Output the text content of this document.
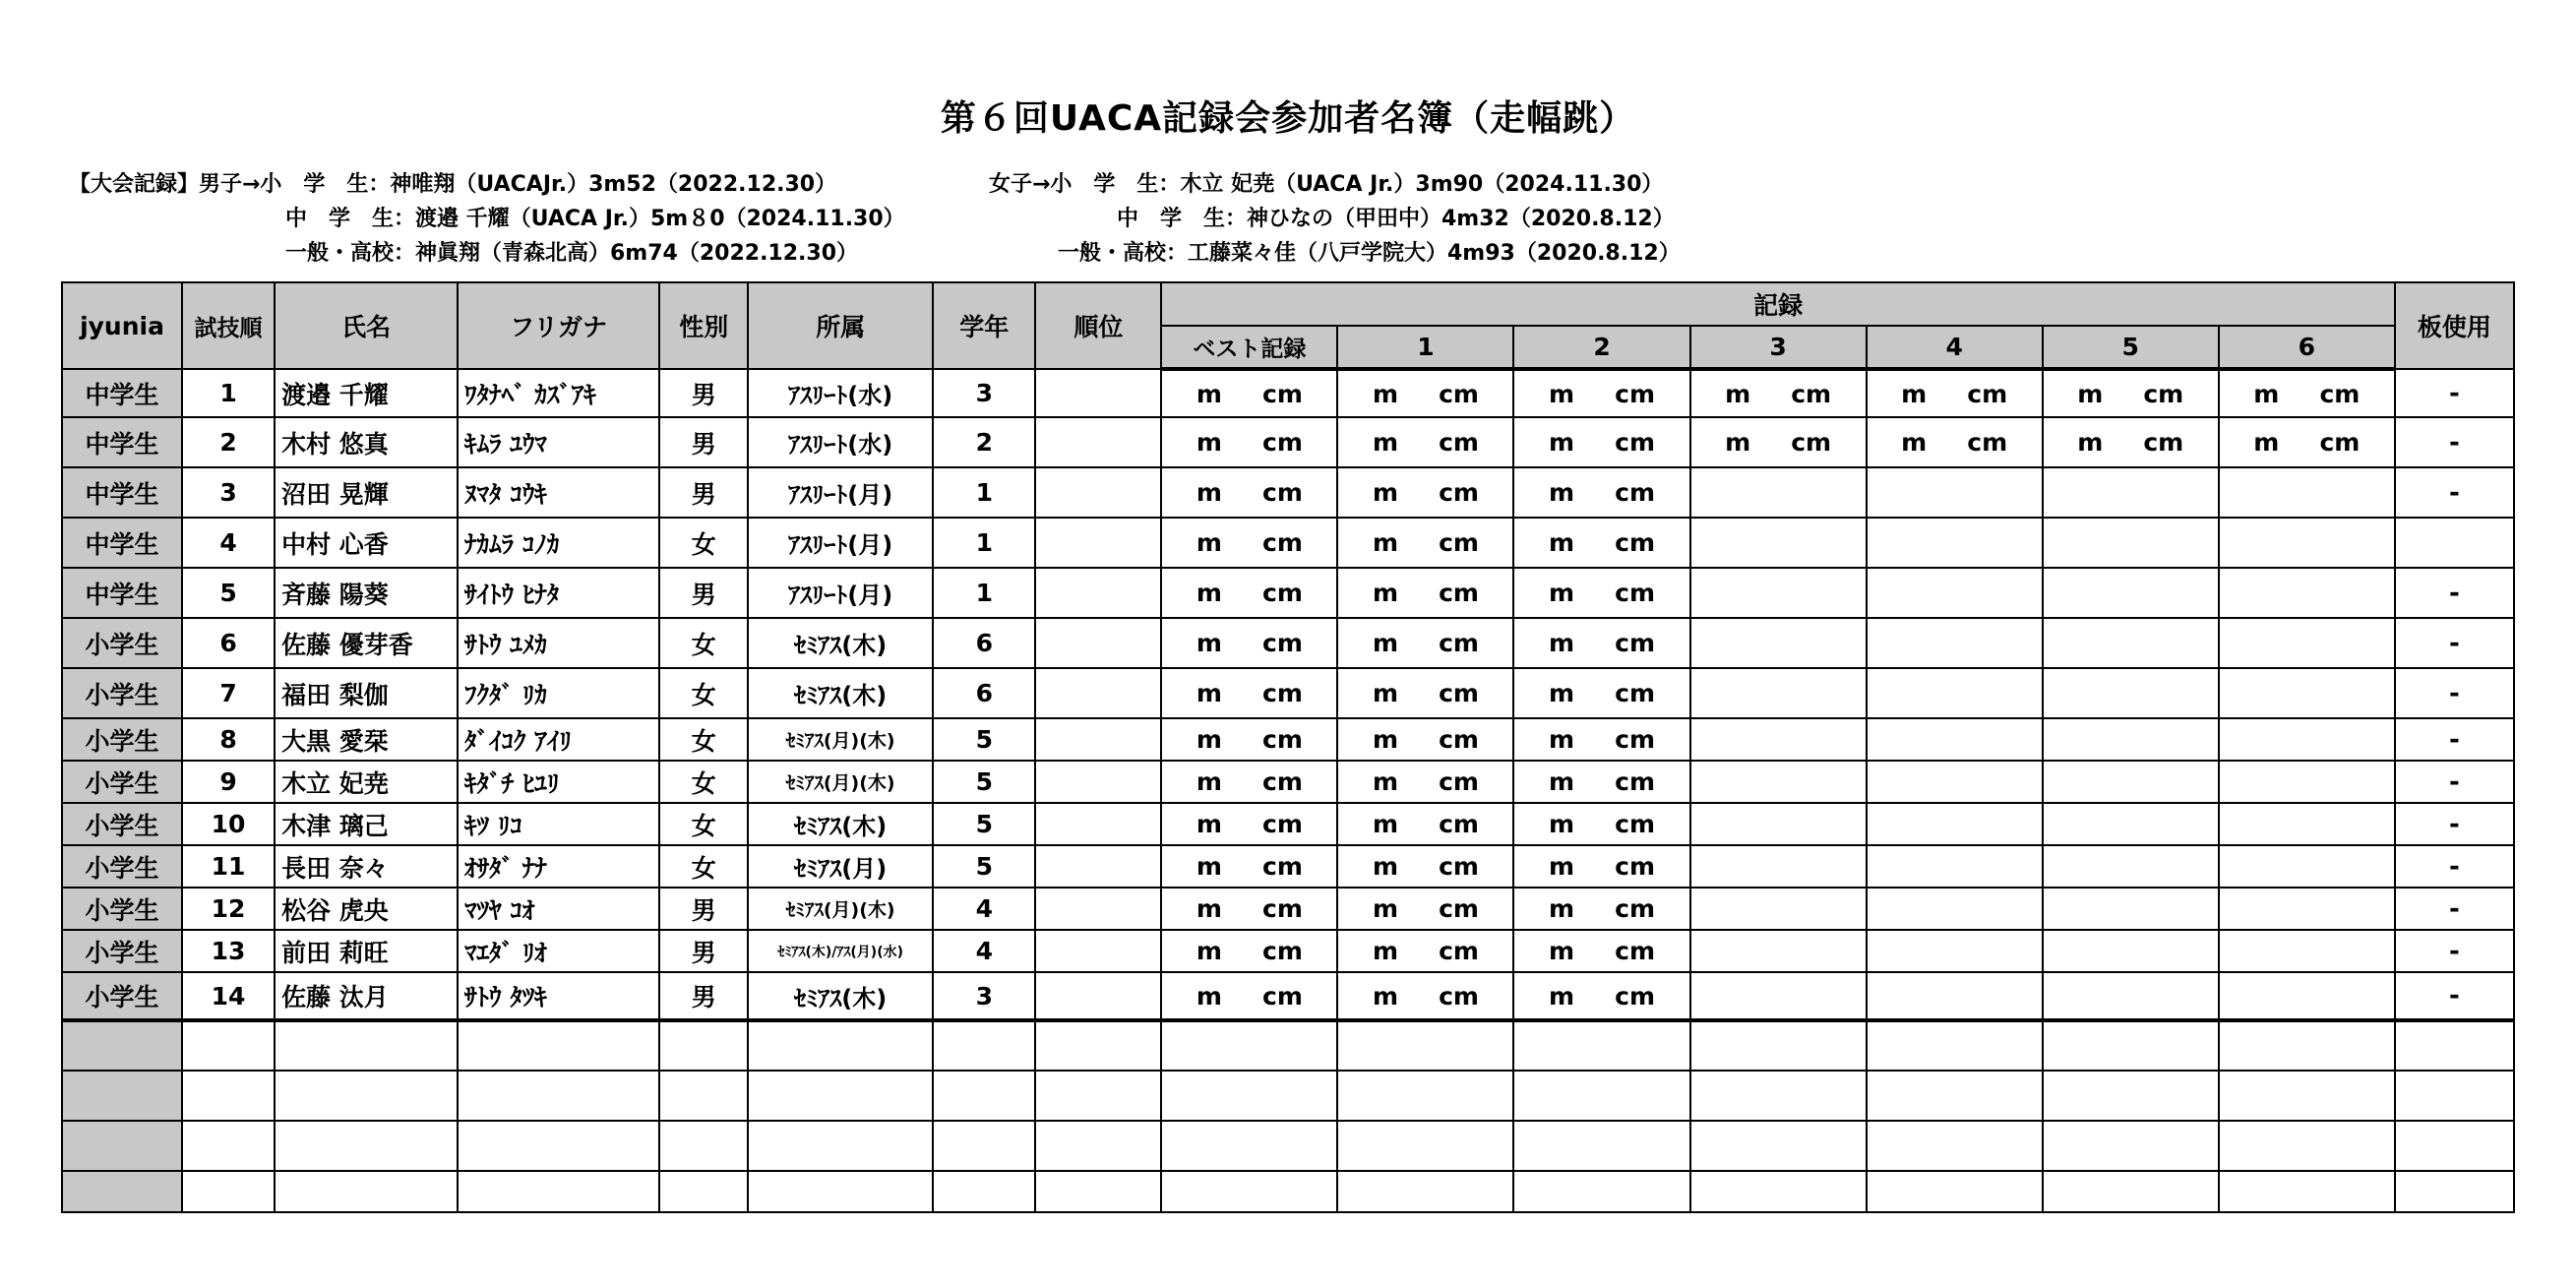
第６回UACA記録会参加者名簿（走幅跳）
【大会記録】男子→小　学　生：神唯翔（UACAJr.）3m52（2022.12.30）
中　学　生：渡邉 千耀（UACA Jr.）5m８0（2024.11.30）
一般・高校：神眞翔（青森北高）6m74（2022.12.30）
女子→小　学　生：木立 妃尭（UACA Jr.）3m90（2024.11.30）
中　学　生：神ひなの（甲田中）4m32（2020.8.12）
一般・高校：工藤菜々佳（八戸学院大）4m93（2020.8.12）
jyunia	試技順	氏名	フリガナ	性別	所属	学年	順位	記録							板使用
								ベスト記録	1	2	3	4	5	6	
中学生	1	渡邉 千耀	ﾜﾀﾅﾍﾞ ｶｽﾞｱｷ	男	ｱｽﾘｰﾄ(水)	3		m cm	m cm	m cm	m cm	m cm	m cm	m cm	-
中学生	2	木村 悠真	ｷﾑﾗ ﾕｳﾏ	男	ｱｽﾘｰﾄ(水)	2		m cm	m cm	m cm	m cm	m cm	m cm	m cm	-
中学生	3	沼田 晃輝	ﾇﾏﾀ ｺｳｷ	男	ｱｽﾘｰﾄ(月)	1		m cm	m cm	m cm					-
中学生	4	中村 心香	ﾅｶﾑﾗ ｺﾉｶ	女	ｱｽﾘｰﾄ(月)	1		m cm	m cm	m cm					

中学生	5	斉藤 陽葵	ｻｲﾄｳ ﾋﾅﾀ	男	ｱｽﾘｰﾄ(月)	1		m cm	m cm	m cm					-
小学生	6	佐藤 優芽香	ｻﾄｳ ﾕﾒｶ	女	ｾﾐｱｽ(木)	6		m cm	m cm	m cm					-
小学生	7	福田 梨伽	ﾌｸﾀﾞ ﾘｶ	女	ｾﾐｱｽ(木)	6		m cm	m cm	m cm					-
小学生	8	大黒 愛栞	ﾀﾞｲｺｸ ｱｲﾘ	女	ｾﾐｱｽ(月)(木)	5		m cm	m cm	m cm					-
小学生	9	木立 妃尭	ｷﾀﾞﾁ ﾋﾕﾘ	女	ｾﾐｱｽ(月)(木)	5		m cm	m cm	m cm					-
小学生	10	木津 璃己	ｷﾂ ﾘｺ	女	ｾﾐｱｽ(木)	5		m cm	m cm	m cm					-
小学生	11	長田 奈々	ｵｻﾀﾞ ﾅﾅ	女	ｾﾐｱｽ(月)	5		m cm	m cm	m cm					-
小学生	12	松谷 虎央	ﾏﾂﾔ ｺｵ	男	ｾﾐｱｽ(月)(木)	4		m cm	m cm	m cm					-
小学生	13	前田 莉旺	ﾏｴﾀﾞ ﾘｵ	男	ｾﾐｱｽ(木)/ｱｽ(月)(水)	4		m cm	m cm	m cm					-
小学生	14	佐藤 汰月	ｻﾄｳ ﾀﾂｷ	男	ｾﾐｱｽ(木)	3		m cm	m cm	m cm					-
